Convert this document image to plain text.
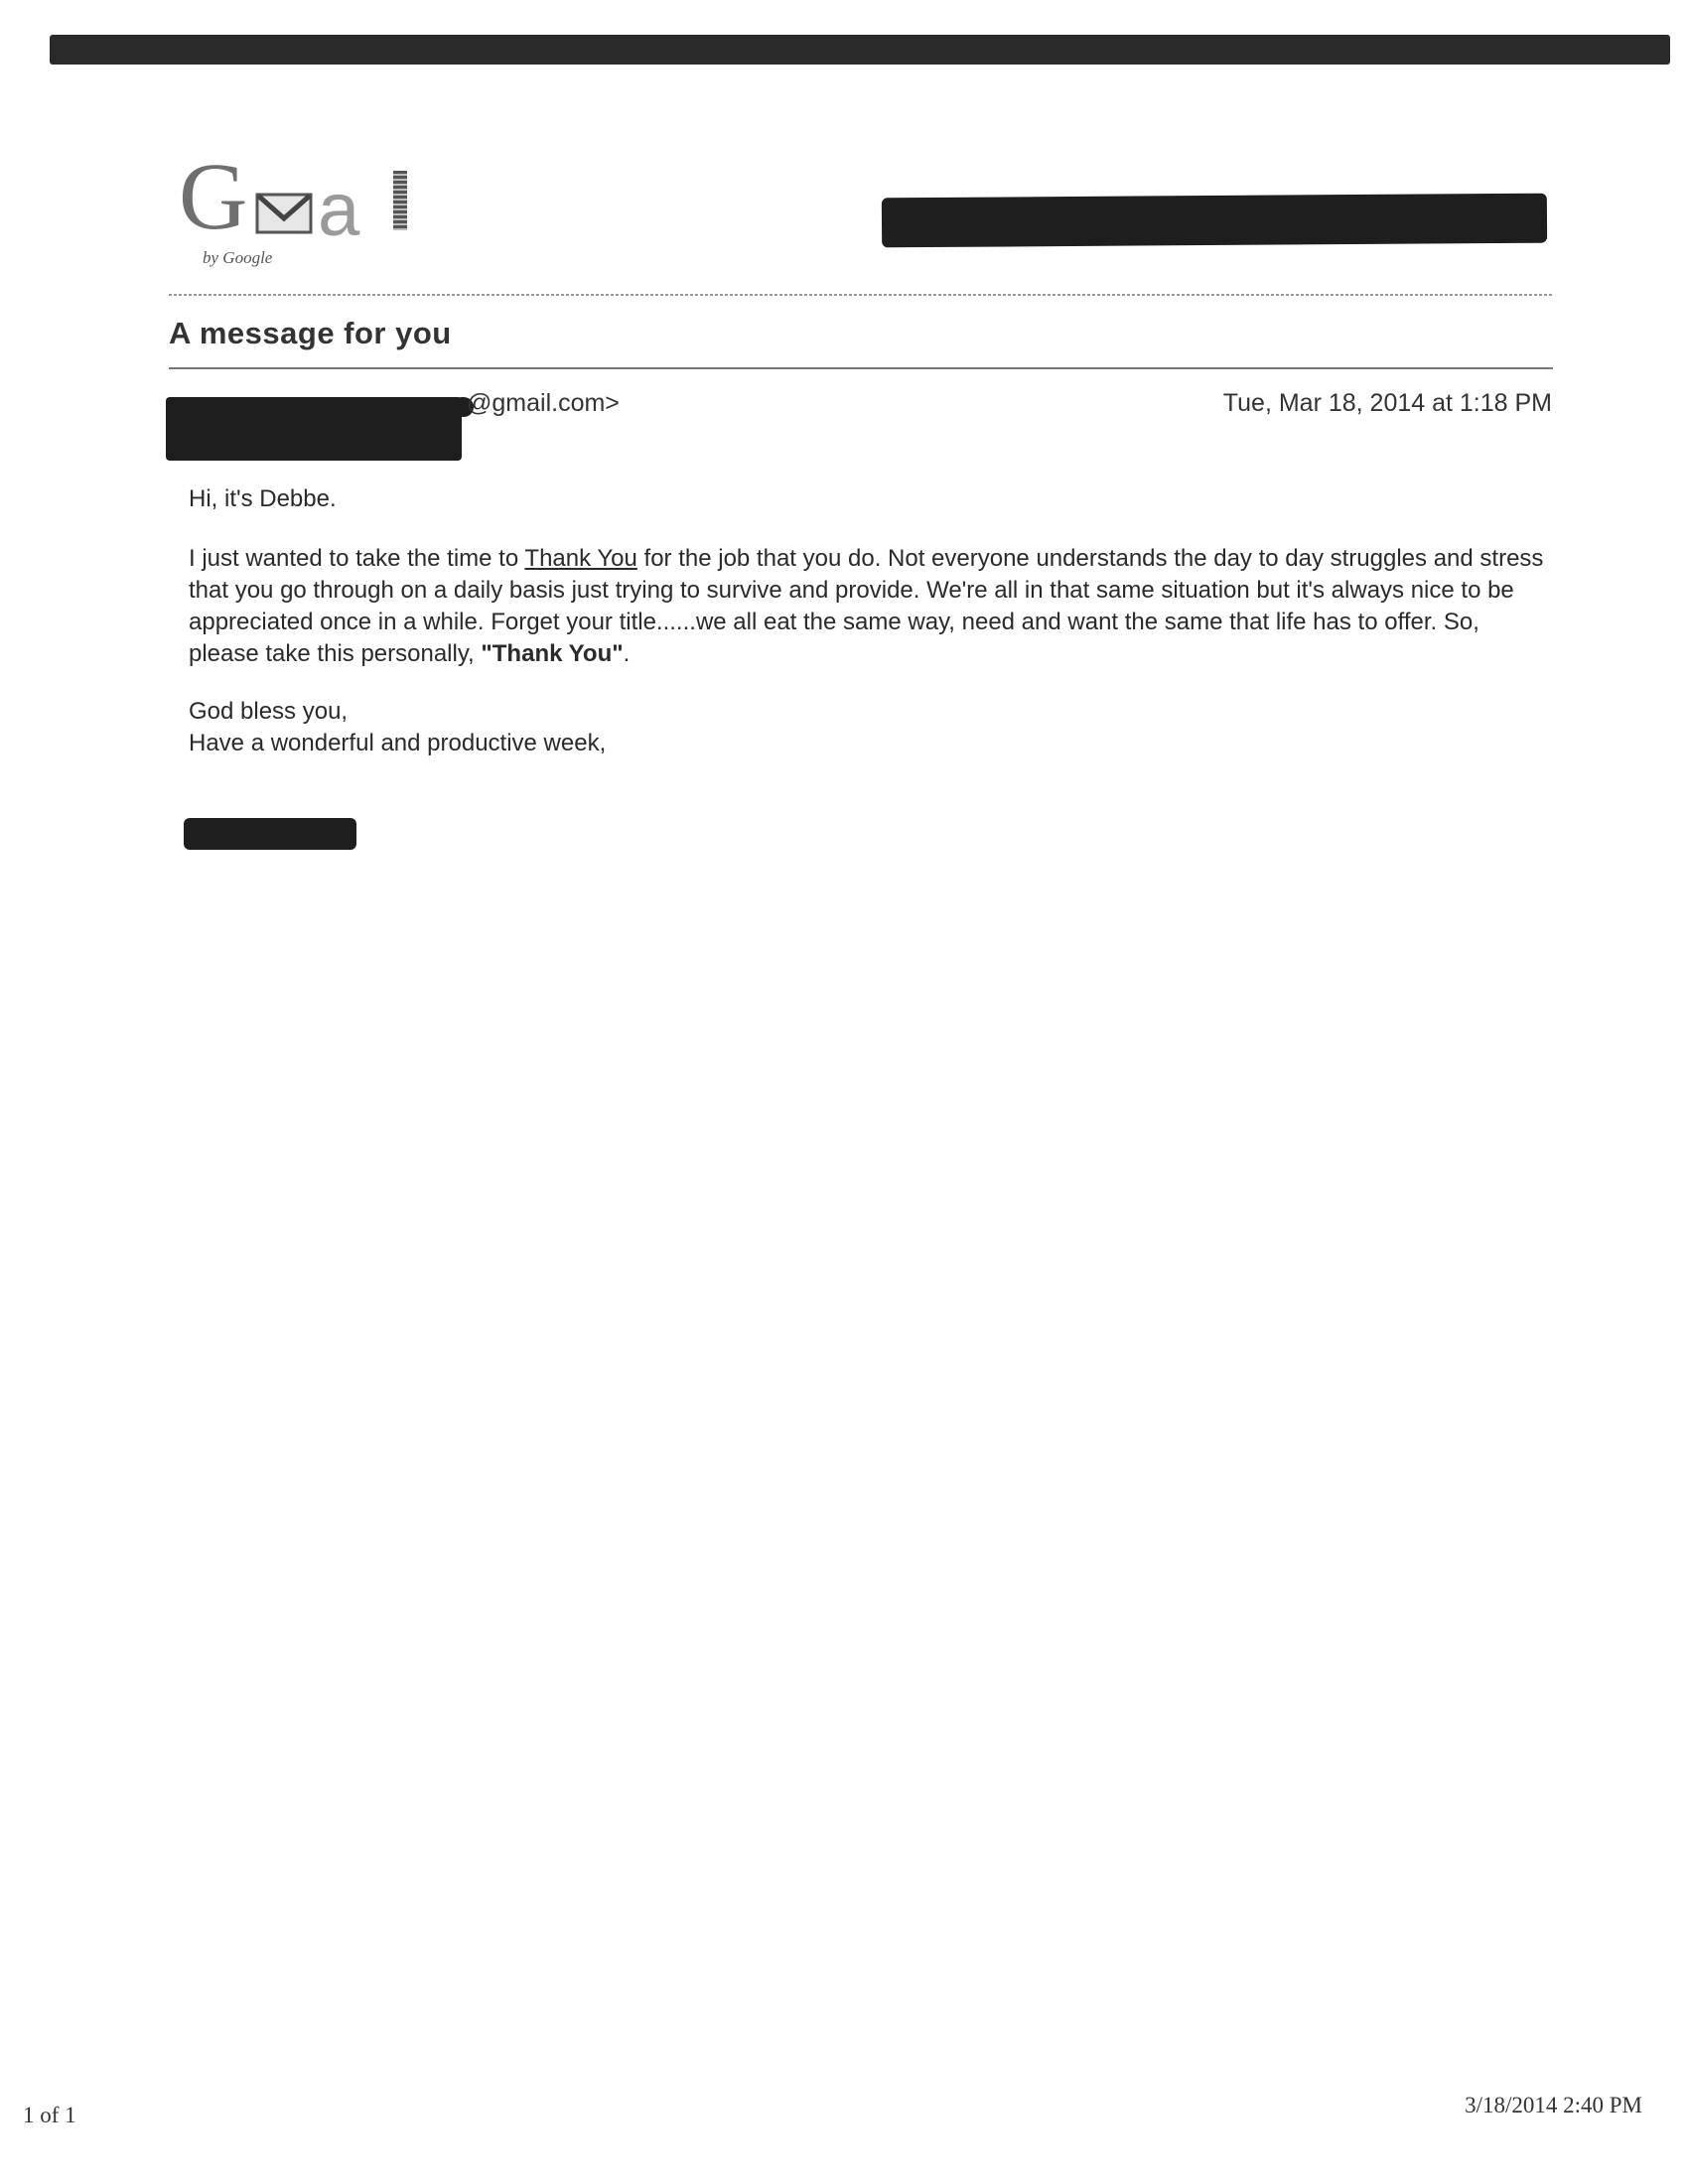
G a
by Google
A message for you
@gmail.com>	Tue, Mar 18, 2014 at 1:18 PM

Hi, it's Debbe.

I just wanted to take the time to Thank You for the job that you do. Not everyone understands the day to day struggles and stress that you go through on a daily basis just trying to survive and provide. We're all in that same situation but it's always nice to be appreciated once in a while. Forget your title......we all eat the same way, need and want the same that life has to offer. So, please take this personally, "Thank You".

God bless you,

Have a wonderful and productive week,

1 of 1	3/18/2014 2:40 PM
